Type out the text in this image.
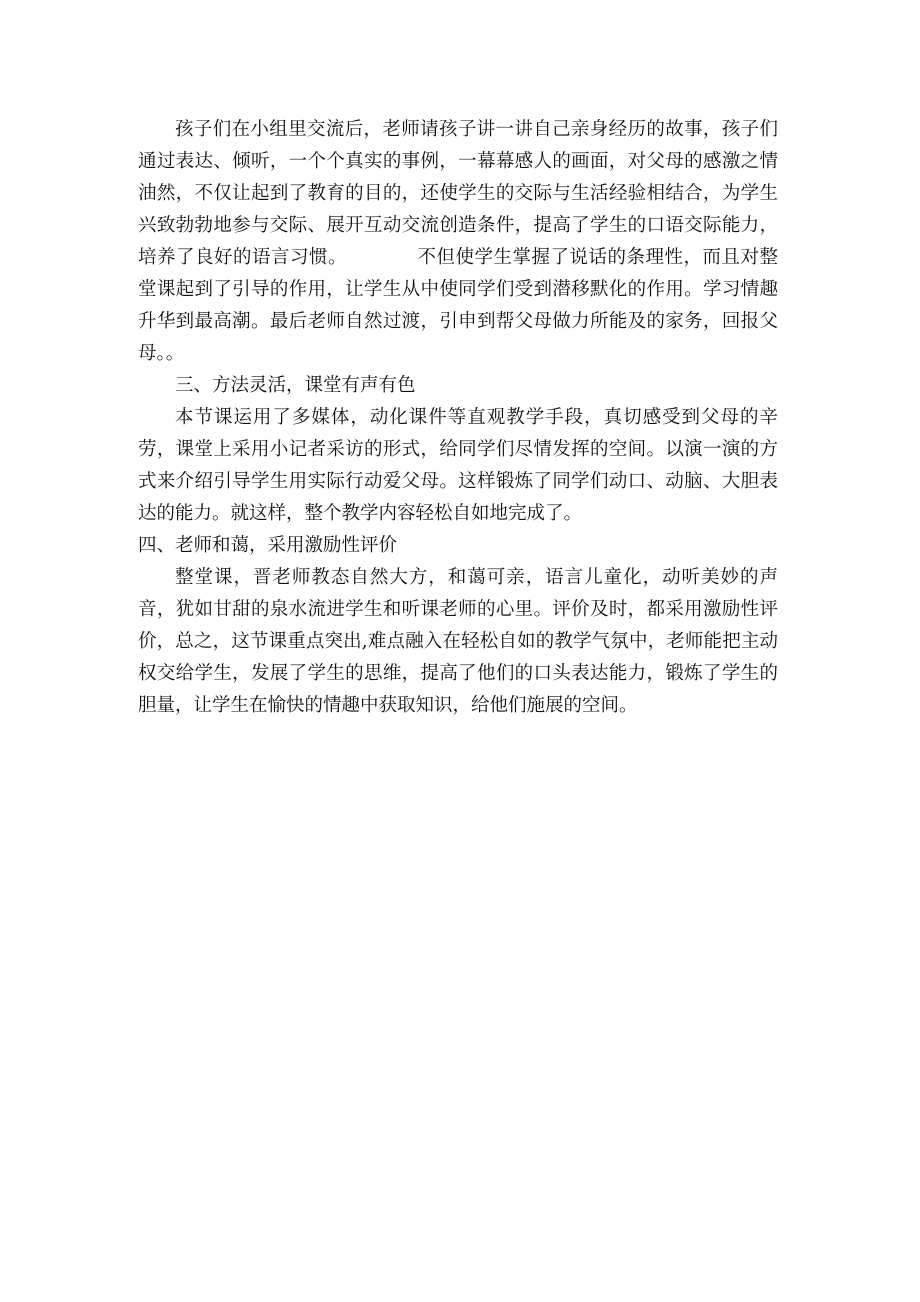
孩子们在小组里交流后，老师请孩子讲一讲自己亲身经历的故事，孩子们通过表达、倾听，一个个真实的事例，一幕幕感人的画面，对父母的感激之情油然，不仅让起到了教育的目的，还使学生的交际与生活经验相结合，为学生兴致勃勃地参与交际、展开互动交流创造条件，提高了学生的口语交际能力，培养了良好的语言习惯。	不但使学生掌握了说话的条理性，而且对整堂课起到了引导的作用，让学生从中使同学们受到潜移默化的作用。学习情趣升华到最高潮。最后老师自然过渡，引申到帮父母做力所能及的家务，回报父母。。

三、方法灵活，课堂有声有色

本节课运用了多媒体，动化课件等直观教学手段，真切感受到父母的辛劳，课堂上采用小记者采访的形式，给同学们尽情发挥的空间。以演一演的方式来介绍引导学生用实际行动爱父母。这样锻炼了同学们动口、动脑、大胆表达的能力。就这样，整个教学内容轻松自如地完成了。

四、老师和蔼，采用激励性评价

整堂课，晋老师教态自然大方，和蔼可亲，语言儿童化，动听美妙的声音，犹如甘甜的泉水流进学生和听课老师的心里。评价及时，都采用激励性评价，总之，这节课重点突出,难点融入在轻松自如的教学气氛中，老师能把主动权交给学生，发展了学生的思维，提高了他们的口头表达能力，锻炼了学生的胆量，让学生在愉快的情趣中获取知识，给他们施展的空间。
